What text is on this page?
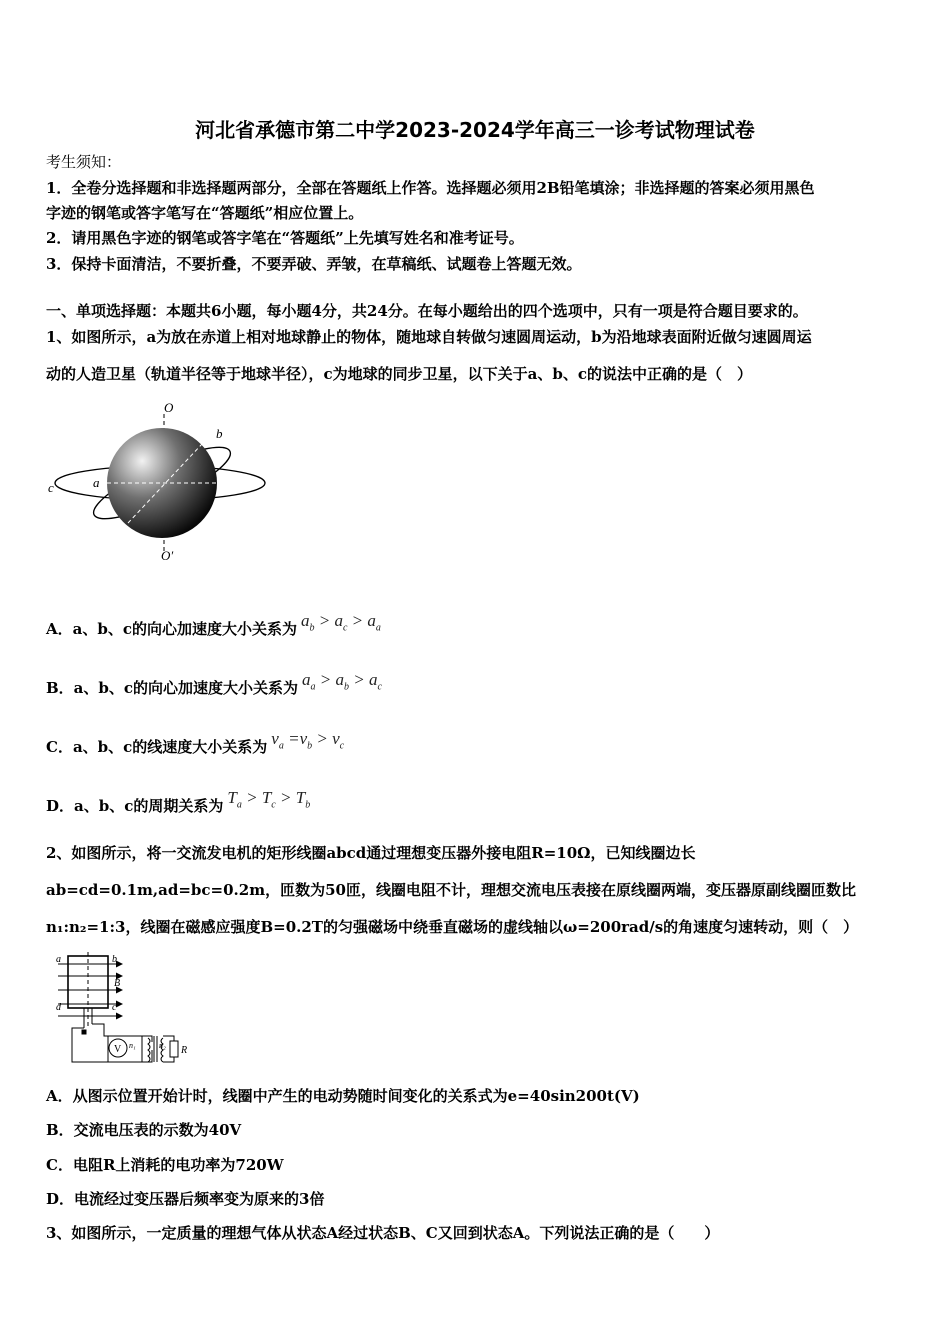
河北省承德市第二中学2023-2024学年高三一诊考试物理试卷
考生须知：
1．全卷分选择题和非选择题两部分，全部在答题纸上作答。选择题必须用2B铅笔填涂；非选择题的答案必须用黑色
字迹的钢笔或答字笔写在“答题纸”相应位置上。
2．请用黑色字迹的钢笔或答字笔在“答题纸”上先填写姓名和准考证号。
3．保持卡面清洁，不要折叠，不要弄破、弄皱，在草稿纸、试题卷上答题无效。
一、单项选择题：本题共6小题，每小题4分，共24分。在每小题给出的四个选项中，只有一项是符合题目要求的。
1、如图所示，a为放在赤道上相对地球静止的物体，随地球自转做匀速圆周运动，b为沿地球表面附近做匀速圆周运
动的人造卫星（轨道半径等于地球半径），c为地球的同步卫星，以下关于a、b、c的说法中正确的是（　）
O
O′
b
c	a
A．a、b、c的向心加速度大小关系为 $a_b > a_c > a_a$
B．a、b、c的向心加速度大小关系为 $a_a > a_b > a_c$
C．a、b、c的线速度大小关系为 $v_a =v_b > v_c$
D．a、b、c的周期关系为 $T_a > T_c > T_b$
2、如图所示，将一交流发电机的矩形线圈abcd通过理想变压器外接电阻R=10Ω，已知线圈边长
ab=cd=0.1m,ad=bc=0.2m，匝数为50匝，线圈电阻不计，理想交流电压表接在原线圈两端，变压器原副线圈匝数比
n₁:n₂=1:3，线圈在磁感应强度B=0.2T的匀强磁场中绕垂直磁场的虚线轴以ω=200rad/s的角速度匀速转动，则（　）
a	b
B
d	c
V n₁	n₂ R
A．从图示位置开始计时，线圈中产生的电动势随时间变化的关系式为e=40sin200t(V)
B．交流电压表的示数为40V
C．电阻R上消耗的电功率为720W
D．电流经过变压器后频率变为原来的3倍
3、如图所示，一定质量的理想气体从状态A经过状态B、C又回到状态A。下列说法正确的是（　　）
